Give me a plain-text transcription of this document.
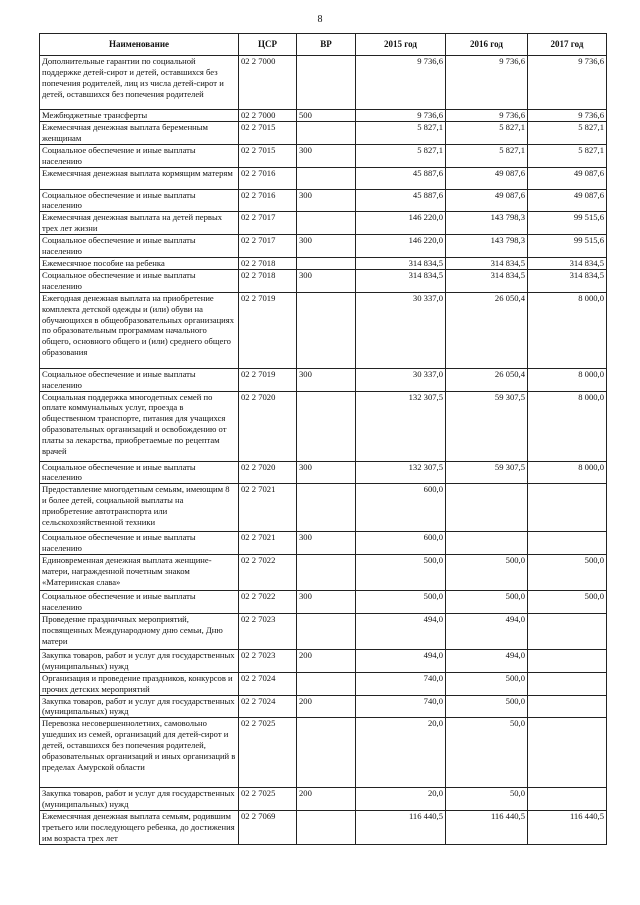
8
Наименование	ЦСР	ВР	2015 год	2016 год	2017 год
Дополнительные гарантии по социальной поддержке детей-сирот и детей, оставшихся без попечения родителей, лиц из числа детей-сирот и детей, оставшихся без попечения родителей	02 2 7000		9 736,6	9 736,6	9 736,6
Межбюджетные трансферты	02 2 7000	500	9 736,6	9 736,6	9 736,6
Ежемесячная денежная выплата беременным женщинам	02 2 7015		5 827,1	5 827,1	5 827,1
Социальное обеспечение и иные выплаты населению	02 2 7015	300	5 827,1	5 827,1	5 827,1
Ежемесячная денежная выплата кормящим матерям	02 2 7016		45 887,6	49 087,6	49 087,6
Социальное обеспечение и иные выплаты населению	02 2 7016	300	45 887,6	49 087,6	49 087,6
Ежемесячная денежная выплата на детей первых трех лет жизни	02 2 7017		146 220,0	143 798,3	99 515,6
Социальное обеспечение и иные выплаты населению	02 2 7017	300	146 220,0	143 798,3	99 515,6
Ежемесячное пособие на ребенка	02 2 7018		314 834,5	314 834,5	314 834,5
Социальное обеспечение и иные выплаты населению	02 2 7018	300	314 834,5	314 834,5	314 834,5
Ежегодная денежная выплата на приобретение комплекта детской одежды и (или) обуви на обучающихся в общеобразовательных организациях по образовательным программам начального общего, основного общего и (или) среднего общего образования	02 2 7019		30 337,0	26 050,4	8 000,0
Социальное обеспечение и иные выплаты населению	02 2 7019	300	30 337,0	26 050,4	8 000,0
Социальная поддержка многодетных семей по оплате коммунальных услуг, проезда в общественном транспорте, питания для учащихся образовательных организаций и освобождению от платы за лекарства, приобретаемые по рецептам врачей	02 2 7020		132 307,5	59 307,5	8 000,0
Социальное обеспечение и иные выплаты населению	02 2 7020	300	132 307,5	59 307,5	8 000,0
Предоставление многодетным семьям, имеющим 8 и более детей, социальной выплаты на приобретение автотранспорта или сельскохозяйственной техники	02 2 7021		600,0		
Социальное обеспечение и иные выплаты населению	02 2 7021	300	600,0		
Единовременная денежная выплата женщине-матери, награжденной почетным знаком «Материнская слава»	02 2 7022		500,0	500,0	500,0
Социальное обеспечение и иные выплаты населению	02 2 7022	300	500,0	500,0	500,0
Проведение праздничных мероприятий, посвященных Международному дню семьи, Дню матери	02 2 7023		494,0	494,0	
Закупка товаров, работ и услуг для государственных (муниципальных) нужд	02 2 7023	200	494,0	494,0	
Организация и проведение праздников, конкурсов и прочих детских мероприятий	02 2 7024		740,0	500,0	
Закупка товаров, работ и услуг для государственных (муниципальных) нужд	02 2 7024	200	740,0	500,0	
Перевозка несовершеннолетних, самовольно ушедших из семей, организаций для детей-сирот и детей, оставшихся без попечения родителей, образовательных организаций и иных организаций в пределах Амурской области	02 2 7025		20,0	50,0	
Закупка товаров, работ и услуг для государственных (муниципальных) нужд	02 2 7025	200	20,0	50,0	
Ежемесячная денежная выплата семьям, родившим третьего или последующего ребенка, до достижения им возраста трех лет	02 2 7069		116 440,5	116 440,5	116 440,5
